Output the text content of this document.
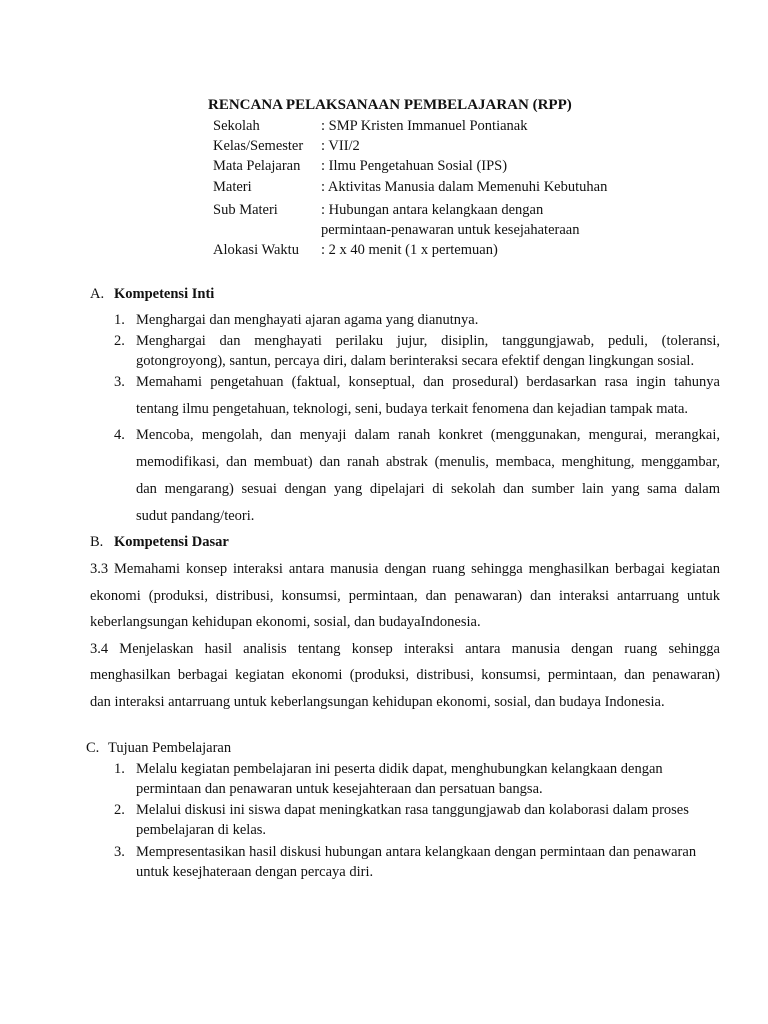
RENCANA PELAKSANAAN PEMBELAJARAN (RPP)
Sekolah	: SMP Kristen Immanuel Pontianak
Kelas/Semester : VII/2
Mata Pelajaran : Ilmu Pengetahuan Sosial (IPS)
Materi	: Aktivitas Manusia dalam Memenuhi Kebutuhan
Sub Materi	: Hubungan antara kelangkaan dengan
permintaan-penawaran untuk kesejahateraan
Alokasi Waktu : 2 x 40 menit (1 x pertemuan)
A. Kompetensi Inti
1. Menghargai dan menghayati ajaran agama yang dianutnya.
2. Menghargai dan menghayati perilaku jujur, disiplin, tanggungjawab, peduli, (toleransi,
gotongroyong), santun, percaya diri, dalam berinteraksi secara efektif dengan lingkungan sosial.
3. Memahami pengetahuan (faktual, konseptual, dan prosedural) berdasarkan rasa ingin tahunya
tentang ilmu pengetahuan, teknologi, seni, budaya terkait fenomena dan kejadian tampak mata.
4. Mencoba, mengolah, dan menyaji dalam ranah konkret (menggunakan, mengurai, merangkai,
memodifikasi, dan membuat) dan ranah abstrak (menulis, membaca, menghitung, menggambar,
dan mengarang) sesuai dengan yang dipelajari di sekolah dan sumber lain yang sama dalam
sudut pandang/teori.
B. Kompetensi Dasar
3.3 Memahami konsep interaksi antara manusia dengan ruang sehingga menghasilkan berbagai kegiatan
ekonomi (produksi, distribusi, konsumsi, permintaan, dan penawaran) dan interaksi antarruang untuk
keberlangsungan kehidupan ekonomi, sosial, dan budayaIndonesia.
3.4 Menjelaskan hasil analisis tentang konsep interaksi antara manusia dengan ruang sehingga
menghasilkan berbagai kegiatan ekonomi (produksi, distribusi, konsumsi, permintaan, dan penawaran)
dan interaksi antarruang untuk keberlangsungan kehidupan ekonomi, sosial, dan budaya Indonesia.
C. Tujuan Pembelajaran
1. Melalu kegiatan pembelajaran ini peserta didik dapat, menghubungkan kelangkaan dengan
permintaan dan penawaran untuk kesejahteraan dan persatuan bangsa.
2. Melalui diskusi ini siswa dapat meningkatkan rasa tanggungjawab dan kolaborasi dalam proses
pembelajaran di kelas.
3. Mempresentasikan hasil diskusi hubungan antara kelangkaan dengan permintaan dan penawaran
untuk kesejhateraan dengan percaya diri.
